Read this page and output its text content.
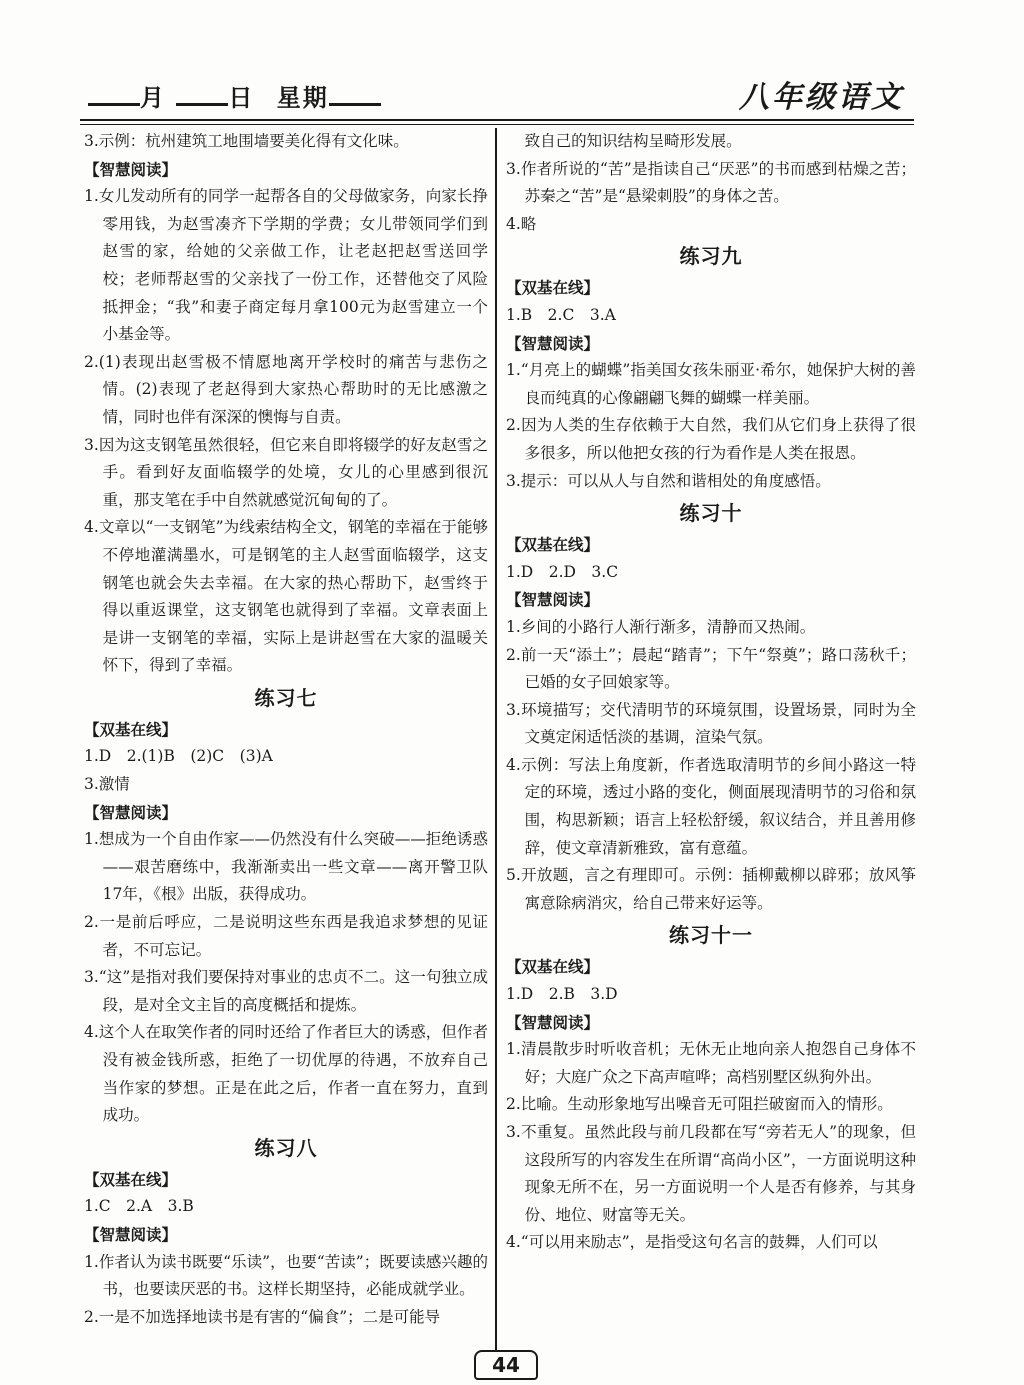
月	日 星期	八年级语文

3.示例：杭州建筑工地围墙要美化得有文化味。

【智慧阅读】

1.女儿发动所有的同学一起帮各自的父母做家务，向家长挣零用钱，为赵雪凑齐下学期的学费；女儿带领同学们到赵雪的家，给她的父亲做工作，让老赵把赵雪送回学校；老师帮赵雪的父亲找了一份工作，还替他交了风险抵押金；“我”和妻子商定每月拿100元为赵雪建立一个小基金等。

2.(1)表现出赵雪极不情愿地离开学校时的痛苦与悲伤之情。(2)表现了老赵得到大家热心帮助时的无比感激之情，同时也伴有深深的懊悔与自责。

3.因为这支钢笔虽然很轻，但它来自即将辍学的好友赵雪之手。看到好友面临辍学的处境，女儿的心里感到很沉重，那支笔在手中自然就感觉沉甸甸的了。

4.文章以“一支钢笔”为线索结构全文，钢笔的幸福在于能够不停地灌满墨水，可是钢笔的主人赵雪面临辍学，这支钢笔也就会失去幸福。在大家的热心帮助下，赵雪终于得以重返课堂，这支钢笔也就得到了幸福。文章表面上是讲一支钢笔的幸福，实际上是讲赵雪在大家的温暖关怀下，得到了幸福。

练习七

【双基在线】

1.D　2.(1)B　(2)C　(3)A

3.激情

【智慧阅读】

1.想成为一个自由作家——仍然没有什么突破——拒绝诱惑——艰苦磨练中，我渐渐卖出一些文章——离开警卫队17年，《根》出版，获得成功。

2.一是前后呼应，二是说明这些东西是我追求梦想的见证者，不可忘记。

3.“这”是指对我们要保持对事业的忠贞不二。这一句独立成段，是对全文主旨的高度概括和提炼。

4.这个人在取笑作者的同时还给了作者巨大的诱惑，但作者没有被金钱所惑，拒绝了一切优厚的待遇，不放弃自己当作家的梦想。正是在此之后，作者一直在努力，直到成功。

练习八

【双基在线】

1.C　2.A　3.B

【智慧阅读】

1.作者认为读书既要“乐读”，也要“苦读”；既要读感兴趣的书，也要读厌恶的书。这样长期坚持，必能成就学业。

2.一是不加选择地读书是有害的“偏食”；二是可能导

致自己的知识结构呈畸形发展。

3.作者所说的“苦”是指读自己“厌恶”的书而感到枯燥之苦；苏秦之“苦”是“悬梁刺股”的身体之苦。

4.略

练习九

【双基在线】

1.B　2.C　3.A

【智慧阅读】

1.“月亮上的蝴蝶”指美国女孩朱丽亚·希尔，她保护大树的善良而纯真的心像翩翩飞舞的蝴蝶一样美丽。

2.因为人类的生存依赖于大自然，我们从它们身上获得了很多很多，所以他把女孩的行为看作是人类在报恩。

3.提示：可以从人与自然和谐相处的角度感悟。

练习十

【双基在线】

1.D　2.D　3.C

【智慧阅读】

1.乡间的小路行人渐行渐多，清静而又热闹。

2.前一天“添土”；晨起“踏青”；下午“祭奠”；路口荡秋千；已婚的女子回娘家等。

3.环境描写；交代清明节的环境氛围，设置场景，同时为全文奠定闲适恬淡的基调，渲染气氛。

4.示例：写法上角度新，作者选取清明节的乡间小路这一特定的环境，透过小路的变化，侧面展现清明节的习俗和氛围，构思新颖；语言上轻松舒缓，叙议结合，并且善用修辞，使文章清新雅致，富有意蕴。

5.开放题，言之有理即可。示例：插柳戴柳以辟邪；放风筝寓意除病消灾，给自己带来好运等。

练习十一

【双基在线】

1.D　2.B　3.D

【智慧阅读】

1.清晨散步时听收音机；无休无止地向亲人抱怨自己身体不好；大庭广众之下高声喧哗；高档别墅区纵狗外出。

2.比喻。生动形象地写出噪音无可阻拦破窗而入的情形。

3.不重复。虽然此段与前几段都在写“旁若无人”的现象，但这段所写的内容发生在所谓“高尚小区”，一方面说明这种现象无所不在，另一方面说明一个人是否有修养，与其身份、地位、财富等无关。

4.“可以用来励志”，是指受这句名言的鼓舞，人们可以

44
